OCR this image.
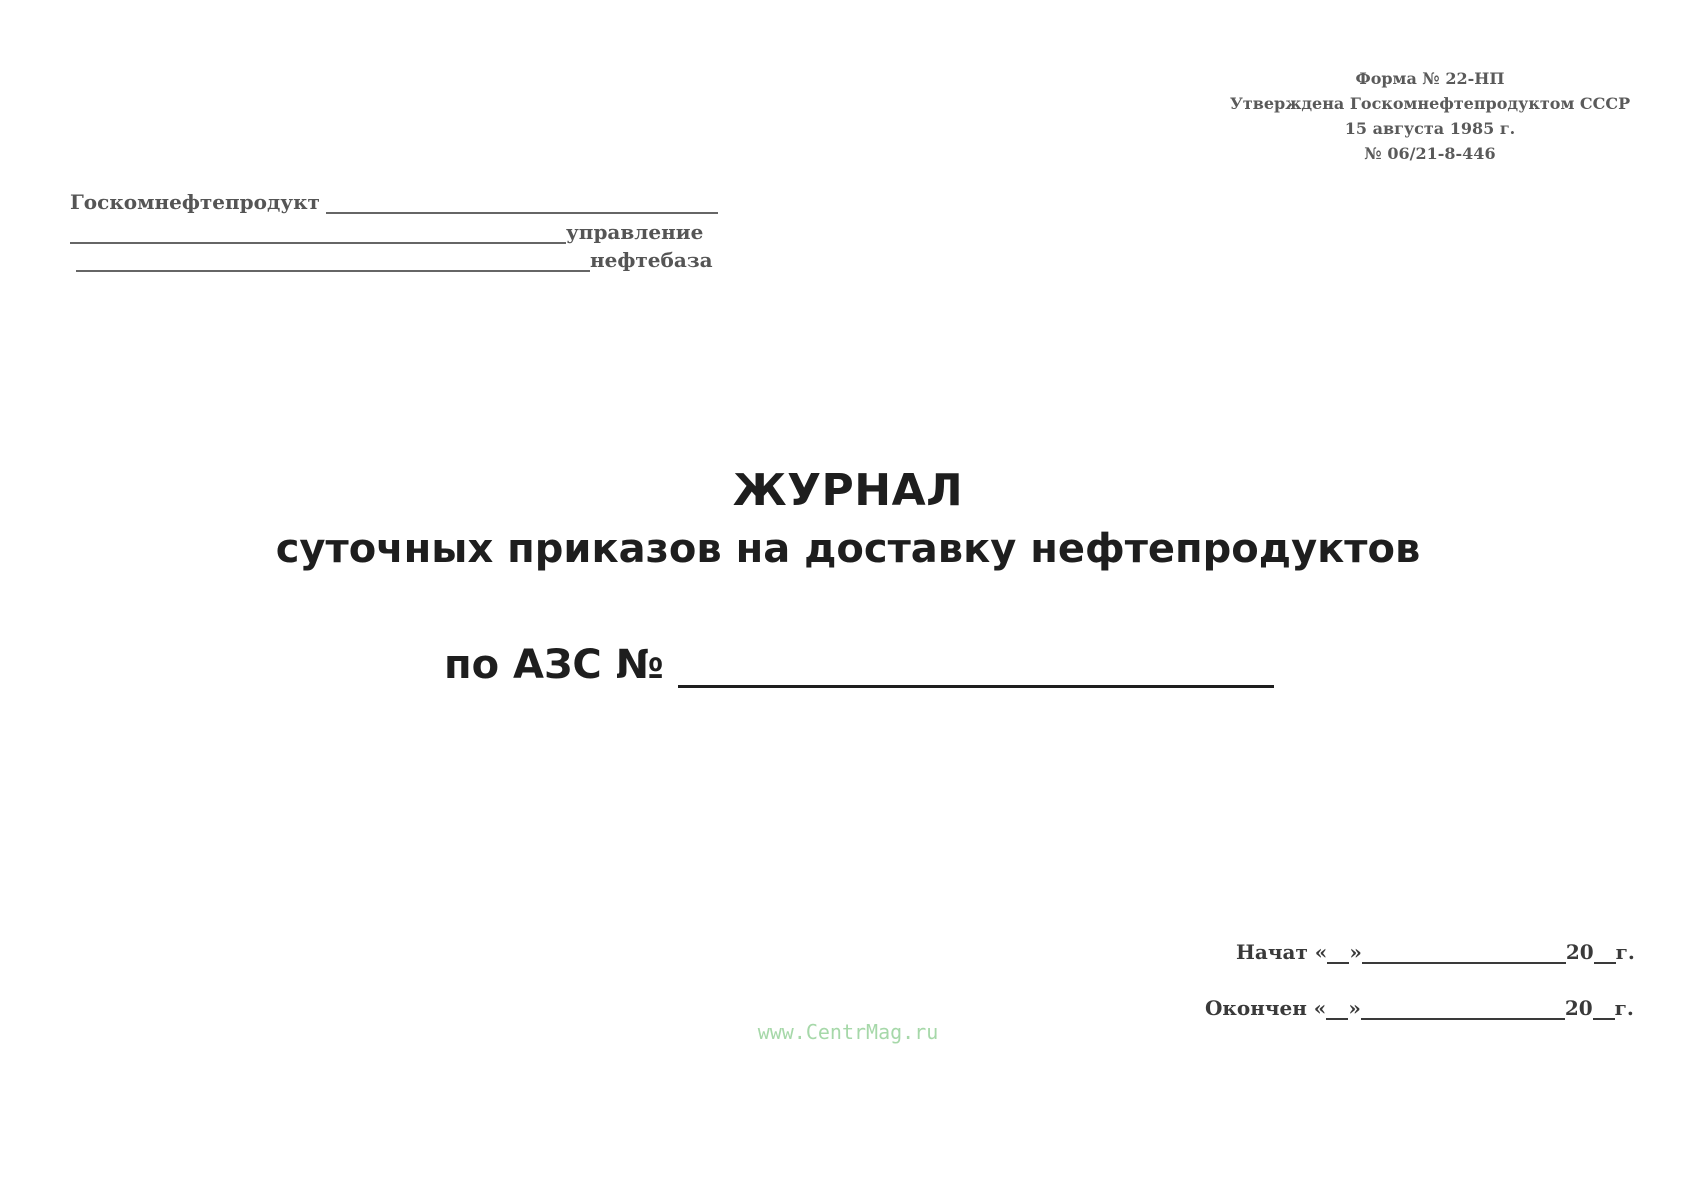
Форма № 22-НП
Утверждена Госкомнефтепродуктом СССР
15 августа 1985 г.
№ 06/21-8-446
Госкомнефтепродукт
управление
нефтебаза
ЖУРНАЛ
суточных приказов на доставку нефтепродуктов
по АЗС №
Начат « »	20 г.
Окончен « »	20 г.
www.CentrMag.ru
